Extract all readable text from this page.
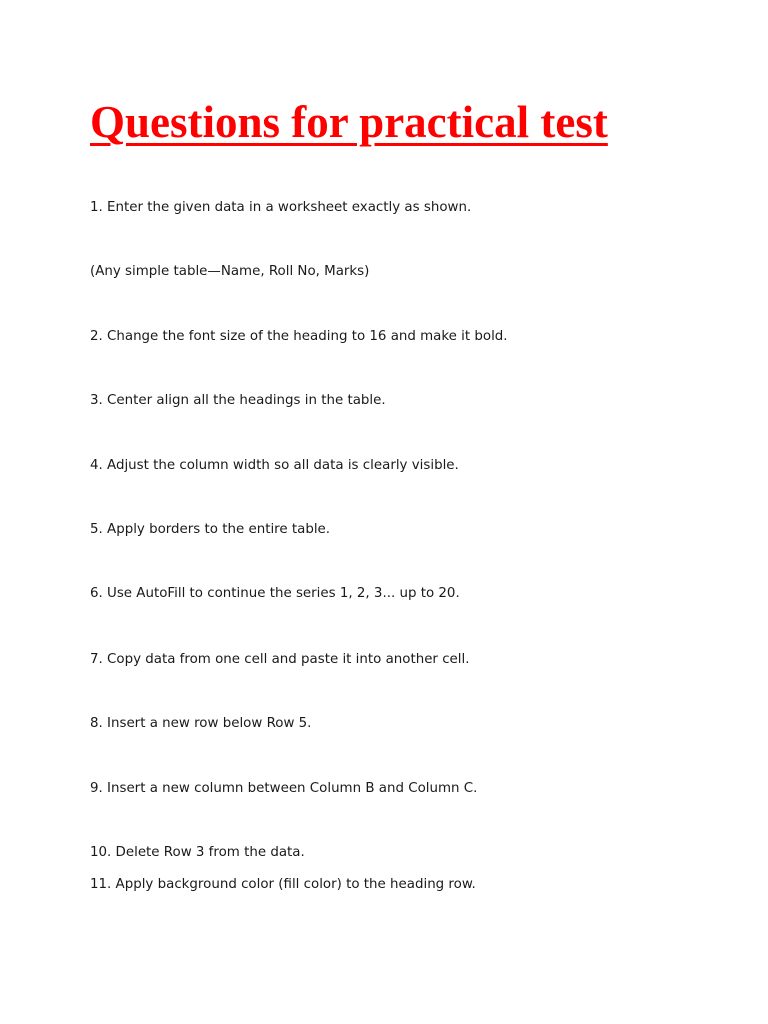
Questions for practical test

1. Enter the given data in a worksheet exactly as shown.

(Any simple table—Name, Roll No, Marks)

2. Change the font size of the heading to 16 and make it bold.

3. Center align all the headings in the table.

4. Adjust the column width so all data is clearly visible.

5. Apply borders to the entire table.

6. Use AutoFill to continue the series 1, 2, 3... up to 20.

7. Copy data from one cell and paste it into another cell.

8. Insert a new row below Row 5.

9. Insert a new column between Column B and Column C.

10. Delete Row 3 from the data.

11. Apply background color (fill color) to the heading row.
